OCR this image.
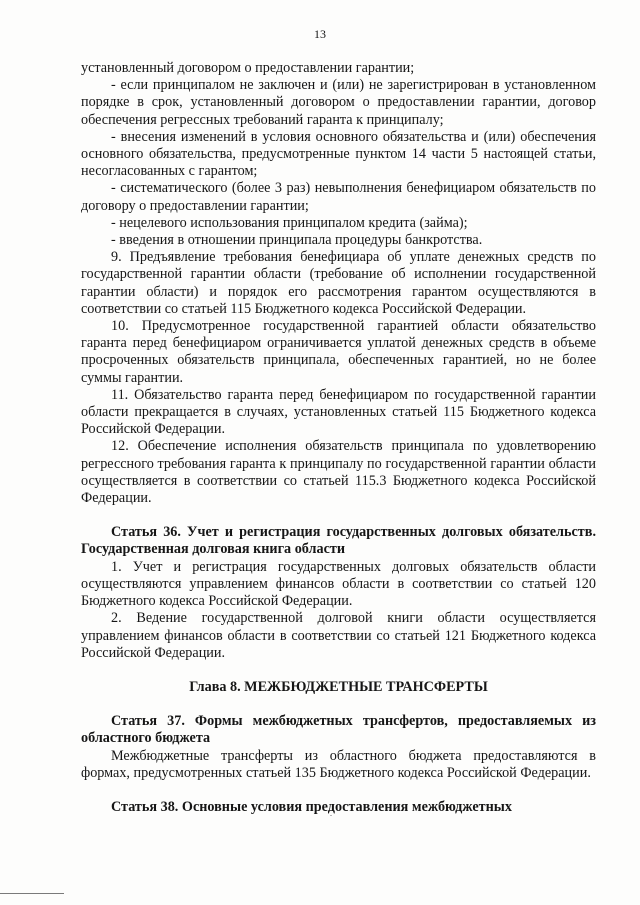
13

установленный договором о предоставлении гарантии;

- если принципалом не заключен и (или) не зарегистрирован в установленном порядке в срок, установленный договором о предоставлении гарантии, договор обеспечения регрессных требований гаранта к принципалу;

- внесения изменений в условия основного обязательства и (или) обеспечения основного обязательства, предусмотренные пунктом 14 части 5 настоящей статьи, несогласованных с гарантом;

- систематического (более 3 раз) невыполнения бенефициаром обязательств по договору о предоставлении гарантии;

- нецелевого использования принципалом кредита (займа);

- введения в отношении принципала процедуры банкротства.

9. Предъявление требования бенефициара об уплате денежных средств по государственной гарантии области (требование об исполнении государственной гарантии области) и порядок его рассмотрения гарантом осуществляются в соответствии со статьей 115 Бюджетного кодекса Российской Федерации.

10. Предусмотренное государственной гарантией области обязательство гаранта перед бенефициаром ограничивается уплатой денежных средств в объеме просроченных обязательств принципала, обеспеченных гарантией, но не более суммы гарантии.

11. Обязательство гаранта перед бенефициаром по государственной гарантии области прекращается в случаях, установленных статьей 115 Бюджетного кодекса Российской Федерации.

12. Обеспечение исполнения обязательств принципала по удовлетворению регрессного требования гаранта к принципалу по государственной гарантии области осуществляется в соответствии со статьей 115.3 Бюджетного кодекса Российской Федерации.

Статья 36. Учет и регистрация государственных долговых обязательств. Государственная долговая книга области

1. Учет и регистрация государственных долговых обязательств области осуществляются управлением финансов области в соответствии со статьей 120 Бюджетного кодекса Российской Федерации.

2. Ведение государственной долговой книги области осуществляется управлением финансов области в соответствии со статьей 121 Бюджетного кодекса Российской Федерации.

Глава 8. МЕЖБЮДЖЕТНЫЕ ТРАНСФЕРТЫ

Статья 37. Формы межбюджетных трансфертов, предоставляемых из областного бюджета

Межбюджетные трансферты из областного бюджета предоставляются в формах, предусмотренных статьей 135 Бюджетного кодекса Российской Федерации.

Статья 38. Основные условия предоставления межбюджетных
